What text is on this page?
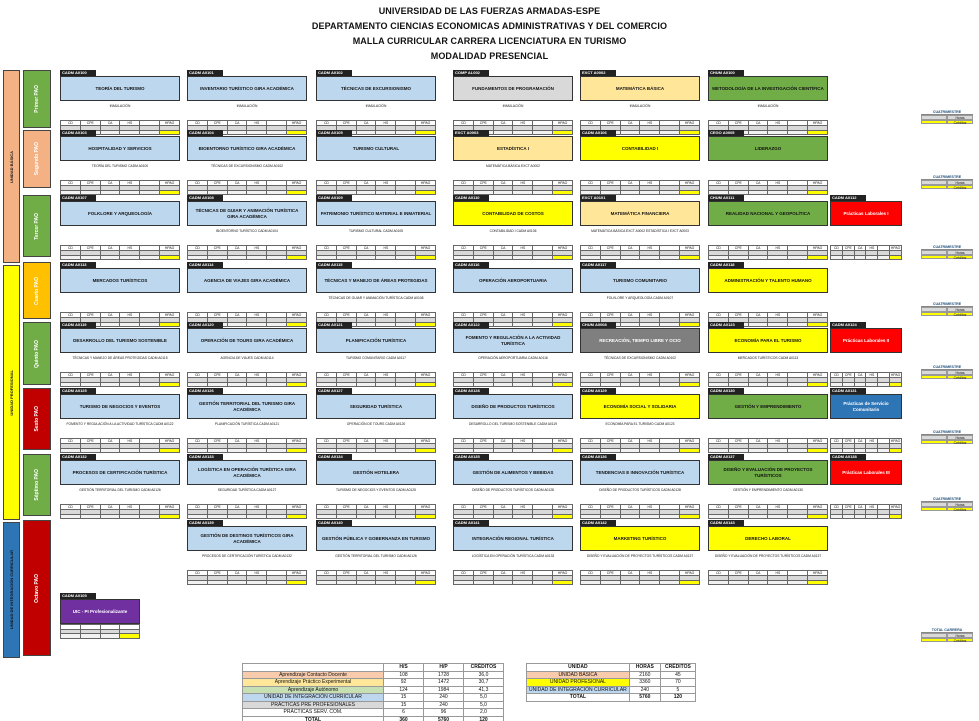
UNIVERSIDAD DE LAS FUERZAS ARMADAS-ESPE
DEPARTAMENTO CIENCIAS ECONOMICAS ADMINISTRATIVAS Y DEL COMERCIO
MALLA CURRICULAR CARRERA LICENCIATURA EN TURISMO
MODALIDAD PRESENCIAL
UNIDAD BÁSICA
UNIDAD PROFESIONAL
UNIDAD DE INTEGRACIÓN CURRICULAR
Primer PAO
Segundo PAO
Tercer PAO
Cuarto PAO
Quinto PAO
Sexto PAO
Séptimo PAO
Octavo PAO
CADM A0100
TEORÍA DEL TURISMO
INMULACIÓN
CD	CPE	CA	HS		HPAO

CADM A0101
INVENTARIO TURÍSTICO GIRA ACADÉMICA
INMULACIÓN
CD	CPE	CA	HS		HPAO

CADM A0102
TÉCNICAS DE EXCURSIONISMO
INMULACIÓN
CD	CPE	CA	HS		HPAO

COMP AL002
FUNDAMENTOS DE PROGRAMACIÓN
INMULACIÓN
CD	CPE	CA	HS		HPAO

EXCT A0002
MATEMÁTICA BÁSICA
INMULACIÓN
CD	CPE	CA	HS		HPAO

CHUM A0100
METODOLOGÍA DE LA INVESTIGACIÓN CIENTÍFICA
INMULACIÓN
CD	CPE	CA	HS		HPAO

CADM A0103
HOSPITALIDAD Y SERVICIOS
TEORÍA DEL TURISMO CADM A0100
CD	CPE	CA	HS		HPAO

CADM A0104
BIOENTORNO TURÍSTICO GIRA ACADÉMICA
TÉCNICAS DE EXCURSIONISMO CADM A0102
CD	CPE	CA	HS		HPAO

CADM A0105
TURISMO CULTURAL
CD	CPE	CA	HS		HPAO

EXCT A0003
ESTADÍSTICA I
MATEMÁTICA BÁSICA EXCT A0002
CD	CPE	CA	HS		HPAO

CADM A0106
CONTABILIDAD I
CD	CPE	CA	HS		HPAO

CEGO A0005
LIDERAZGO
CD	CPE	CA	HS		HPAO

CADM A0107
FOLKLORE Y ARQUEOLOGÍA
CD	CPE	CA	HS		HPAO

CADM A0108
TÉCNICAS DE GUIAR Y ANIMACIÓN TURÍSTICA GIRA ACADÉMICA
BIOENTORNO TURÍSTICO CADM A0104
CD	CPE	CA	HS		HPAO

CADM A0109
PATRIMONIO TURÍSTICO MATERIAL E INMATERIAL
TURISMO CULTURAL CADM A0105
CD	CPE	CA	HS		HPAO

CADM A0110
CONTABILIDAD DE COSTOS
CONTABILIDAD I CADM A0106
CD	CPE	CA	HS		HPAO

EXCT A0101
MATEMÁTICA FINANCIERA
MATEMÁTICA BÁSICA EXCT A0002 ESTADÍSTICA I EXCT A0003
CD	CPE	CA	HS		HPAO

CHUM A0111
REALIDAD NACIONAL Y GEOPOLÍTICA
CD	CPE	CA	HS		HPAO

CADM A0112
Prácticas Laborales I
CD	CPE	CA	HS		HPAO

CADM A0113
MERCADOS TURÍSTICOS
CD	CPE	CA	HS		HPAO

CADM A0114
AGENCIA DE VIAJES GIRA ACADÉMICA
CD	CPE	CA	HS		HPAO

CADM A0115
TÉCNICAS Y MANEJO DE ÁREAS PROTEGIDAS
TÉCNICAS DE GUIAR Y ANIMACIÓN TURÍSTICA CADM A0108
CD	CPE	CA	HS		HPAO

CADM A0116
OPERACIÓN AEROPORTUARIA
CD	CPE	CA	HS		HPAO

CADM A0117
TURISMO COMUNITARIO
FOLKLORE Y ARQUEOLOGÍA CADM A0107
CD	CPE	CA	HS		HPAO

CADM A0118
ADMINISTRACIÓN Y TALENTO HUMANO
CD	CPE	CA	HS		HPAO

CADM A0119
DESARROLLO DEL TURISMO SOSTENIBLE
TÉCNICAS Y MANEJO DE ÁREAS PROTEGIDAS CADM A0115
CD	CPE	CA	HS		HPAO

CADM A0120
OPERACIÓN DE TOURS GIRA ACADÉMICA
AGENCIA DE VIAJES CADM A0114
CD	CPE	CA	HS		HPAO

CADM A0121
PLANIFICACIÓN TURÍSTICA
TURISMO COMUNITARIO CADM A0117
CD	CPE	CA	HS		HPAO

CADM A0122
FOMENTO Y REGULACIÓN A LA ACTIVIDAD TURÍSTICA
OPERACIÓN AEROPORTUARIA CADM A0116
CD	CPE	CA	HS		HPAO

CHUM A0008
RECREACIÓN, TIEMPO LIBRE Y OCIO
TÉCNICAS DE EXCURSIONISMO CADM A0102
CD	CPE	CA	HS		HPAO

CADM A0123
ECONOMÍA PARA EL TURISMO
MERCADOS TURÍSTICOS CADM A0113
CD	CPE	CA	HS		HPAO

CADM A0124
Prácticas Laborales II
CD	CPE	CA	HS		HPAO

CADM A0125
TURISMO DE NEGOCIOS Y EVENTOS
FOMENTO Y REGULACIÓN A LA ACTIVIDAD TURÍSTICA CADM A0122
CD	CPE	CA	HS		HPAO

CADM A0126
GESTIÓN TERRITORIAL DEL TURISMO GIRA ACADÉMICA
PLANIFICACIÓN TURÍSTICA CADM A0121
CD	CPE	CA	HS		HPAO

CADM A0127
SEGURIDAD TURÍSTICA
OPERACIÓN DE TOURS CADM A0120
CD	CPE	CA	HS		HPAO

CADM A0128
DISEÑO DE PRODUCTOS TURÍSTICOS
DESARROLLO DEL TURISMO SOSTENIBLE CADM A0119
CD	CPE	CA	HS		HPAO

CADM A0129
ECONOMÍA SOCIAL Y SOLIDARIA
ECONOMÍA PARA EL TURISMO CADM A0123
CD	CPE	CA	HS		HPAO

CADM A0130
GESTIÓN Y EMPRENDIMIENTO
CD	CPE	CA	HS		HPAO

CADM A0131
Prácticas de Servicio Comunitario
CD	CPE	CA	HS		HPAO

CADM A0132
PROCESOS DE CERTIFICACIÓN TURÍSTICA
GESTIÓN TERRITORIAL DEL TURISMO CADM A0126
CD	CPE	CA	HS		HPAO

CADM A0133
LOGÍSTICA EN OPERACIÓN TURÍSTICA GIRA ACADÉMICA
SEGURIDAD TURÍSTICA CADM A0127
CD	CPE	CA	HS		HPAO

CADM A0134
GESTIÓN HOTELERA
TURISMO DE NEGOCIOS Y EVENTOS CADM A0125
CD	CPE	CA	HS		HPAO

CADM A0135
GESTIÓN DE ALIMENTOS Y BEBIDAS
DISEÑO DE PRODUCTOS TURÍSTICOS CADM A0128
CD	CPE	CA	HS		HPAO

CADM A0136
TENDENCIAS E INNOVACIÓN TURÍSTICA
DISEÑO DE PRODUCTOS TURÍSTICOS CADM A0128
CD	CPE	CA	HS		HPAO

CADM A0137
DISEÑO Y EVALUACIÓN DE PROYECTOS TURÍSTICOS
GESTIÓN Y EMPRENDIMIENTO CADM A0130
CD	CPE	CA	HS		HPAO

CADM A0138
Prácticas Laborales III
CD	CPE	CA	HS		HPAO

CADM A0139
GESTIÓN DE DESTINOS TURÍSTICOS GIRA ACADÉMICA
PROCESOS DE CERTIFICACIÓN TURÍSTICA CADM A0132
CD	CPE	CA	HS		HPAO

CADM A0140
GESTIÓN PÚBLICA Y GOBERNANZA EN TURISMO
GESTIÓN TERRITORIAL DEL TURISMO CADM A0126
CD	CPE	CA	HS		HPAO

CADM A0141
INTEGRACIÓN REGIONAL TURÍSTICA
LOGÍSTICA EN OPERACIÓN TURÍSTICA CADM A0133
CD	CPE	CA	HS		HPAO

CADM A0142
MARKETING TURÍSTICO
DISEÑO Y EVALUACIÓN DE PROYECTOS TURÍSTICOS CADM A0137
CD	CPE	CA	HS		HPAO

CADM A0143
DERECHO LABORAL
DISEÑO Y EVALUACIÓN DE PROYECTOS TURÍSTICOS CADM A0137
CD	CPE	CA	HS		HPAO

CADM A0105
UIC - PI Profesionalizante

CUATRIMESTRE
Horas
Créditos
CUATRIMESTRE
Horas
Créditos
CUATRIMESTRE
Horas
Créditos
CUATRIMESTRE
Horas
Créditos
CUATRIMESTRE
Horas
Créditos
CUATRIMESTRE
Horas
Créditos
CUATRIMESTRE
Horas
Créditos
TOTAL CARRERA
Horas
Créditos
	H/S	H/P	CRÉDITOS
Aprendizaje Contacto Docente	108	1728	36,0
Aprendizaje Práctico Experimental	92	1472	30,7
Aprendizaje Autónomo	124	1984	41,3
UNIDAD DE INTEGRACIÓN CURRICULAR	15	240	5,0
PRÁCTICAS PRE PROFESIONALES	15	240	5,0
PRÁCTICAS SERV. COM.	6	96	2,0
TOTAL	360	5760	120
UNIDAD	HORAS	CRÉDITOS
UNIDAD BÁSICA	2160	45
UNIDAD PROFESIONAL	3360	70
UNIDAD DE INTEGRACIÓN CURRICULAR	240	5
TOTAL	5760	120
